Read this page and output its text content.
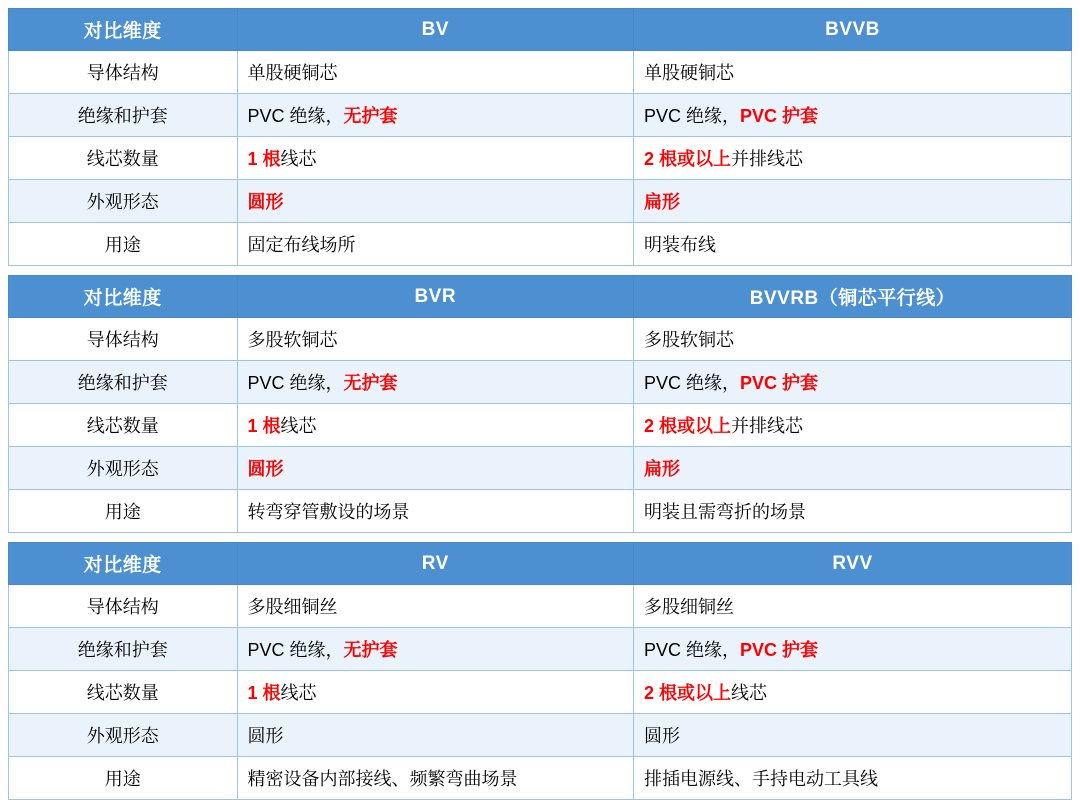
对比维度	BV	BVVB
导体结构	单股硬铜芯	单股硬铜芯
绝缘和护套	PVC 绝缘，无护套	PVC 绝缘，PVC 护套
线芯数量	1 根线芯	2 根或以上并排线芯
外观形态	圆形	扁形
用途	固定布线场所	明装布线
对比维度	BVR	BVVRB（铜芯平行线）
导体结构	多股软铜芯	多股软铜芯
绝缘和护套	PVC 绝缘，无护套	PVC 绝缘，PVC 护套
线芯数量	1 根线芯	2 根或以上并排线芯
外观形态	圆形	扁形
用途	转弯穿管敷设的场景	明装且需弯折的场景
对比维度	RV	RVV
导体结构	多股细铜丝	多股细铜丝
绝缘和护套	PVC 绝缘，无护套	PVC 绝缘，PVC 护套
线芯数量	1 根线芯	2 根或以上线芯
外观形态	圆形	圆形
用途	精密设备内部接线、频繁弯曲场景	排插电源线、手持电动工具线
